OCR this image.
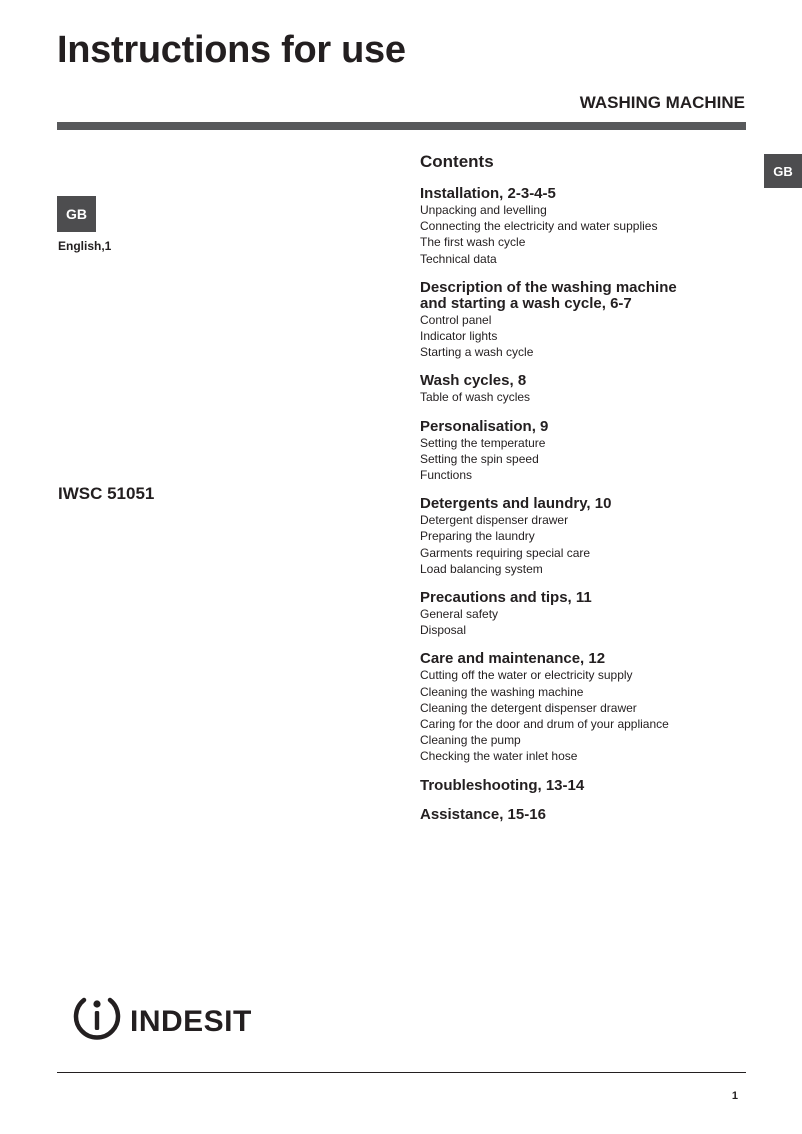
Instructions for use
WASHING MACHINE
GB
GB
English,1
IWSC 51051
Contents
Installation, 2-3-4-5
Unpacking and levelling
Connecting the electricity and water supplies
The first wash cycle
Technical data
Description of the washing machine
and starting a wash cycle, 6-7
Control panel
Indicator lights
Starting a wash cycle
Wash cycles, 8
Table of wash cycles
Personalisation, 9
Setting the temperature
Setting the spin speed
Functions
Detergents and laundry, 10
Detergent dispenser drawer
Preparing the laundry
Garments requiring special care
Load balancing system
Precautions and tips, 11
General safety
Disposal
Care and maintenance, 12
Cutting off the water or electricity supply
Cleaning the washing machine
Cleaning the detergent dispenser drawer
Caring for the door and drum of your appliance
Cleaning the pump
Checking the water inlet hose
Troubleshooting, 13-14
Assistance, 15-16
INDESIT
1
